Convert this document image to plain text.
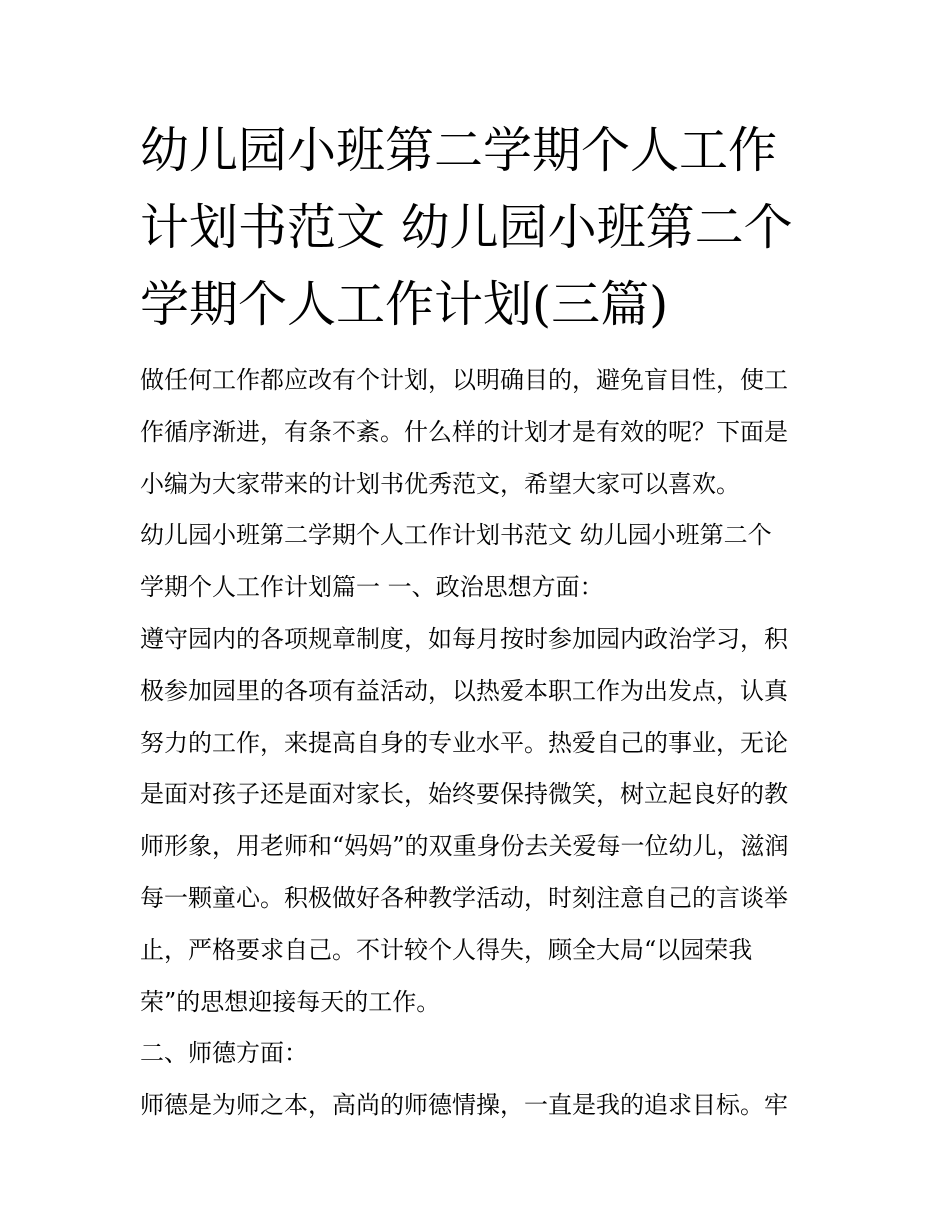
幼儿园小班第二学期个人工作
计划书范文 幼儿园小班第二个
学期个人工作计划(三篇)
做任何工作都应改有个计划，以明确目的，避免盲目性，使工
作循序渐进，有条不紊。什么样的计划才是有效的呢？下面是
小编为大家带来的计划书优秀范文，希望大家可以喜欢。
幼儿园小班第二学期个人工作计划书范文 幼儿园小班第二个
学期个人工作计划篇一 一、政治思想方面：
遵守园内的各项规章制度，如每月按时参加园内政治学习，积
极参加园里的各项有益活动，以热爱本职工作为出发点，认真
努力的工作，来提高自身的专业水平。热爱自己的事业，无论
是面对孩子还是面对家长，始终要保持微笑，树立起良好的教
师形象，用老师和“妈妈”的双重身份去关爱每一位幼儿，滋润
每一颗童心。积极做好各种教学活动，时刻注意自己的言谈举
止，严格要求自己。不计较个人得失，顾全大局“以园荣我
荣”的思想迎接每天的工作。
二、师德方面：
师德是为师之本，高尚的师德情操，一直是我的追求目标。牢
